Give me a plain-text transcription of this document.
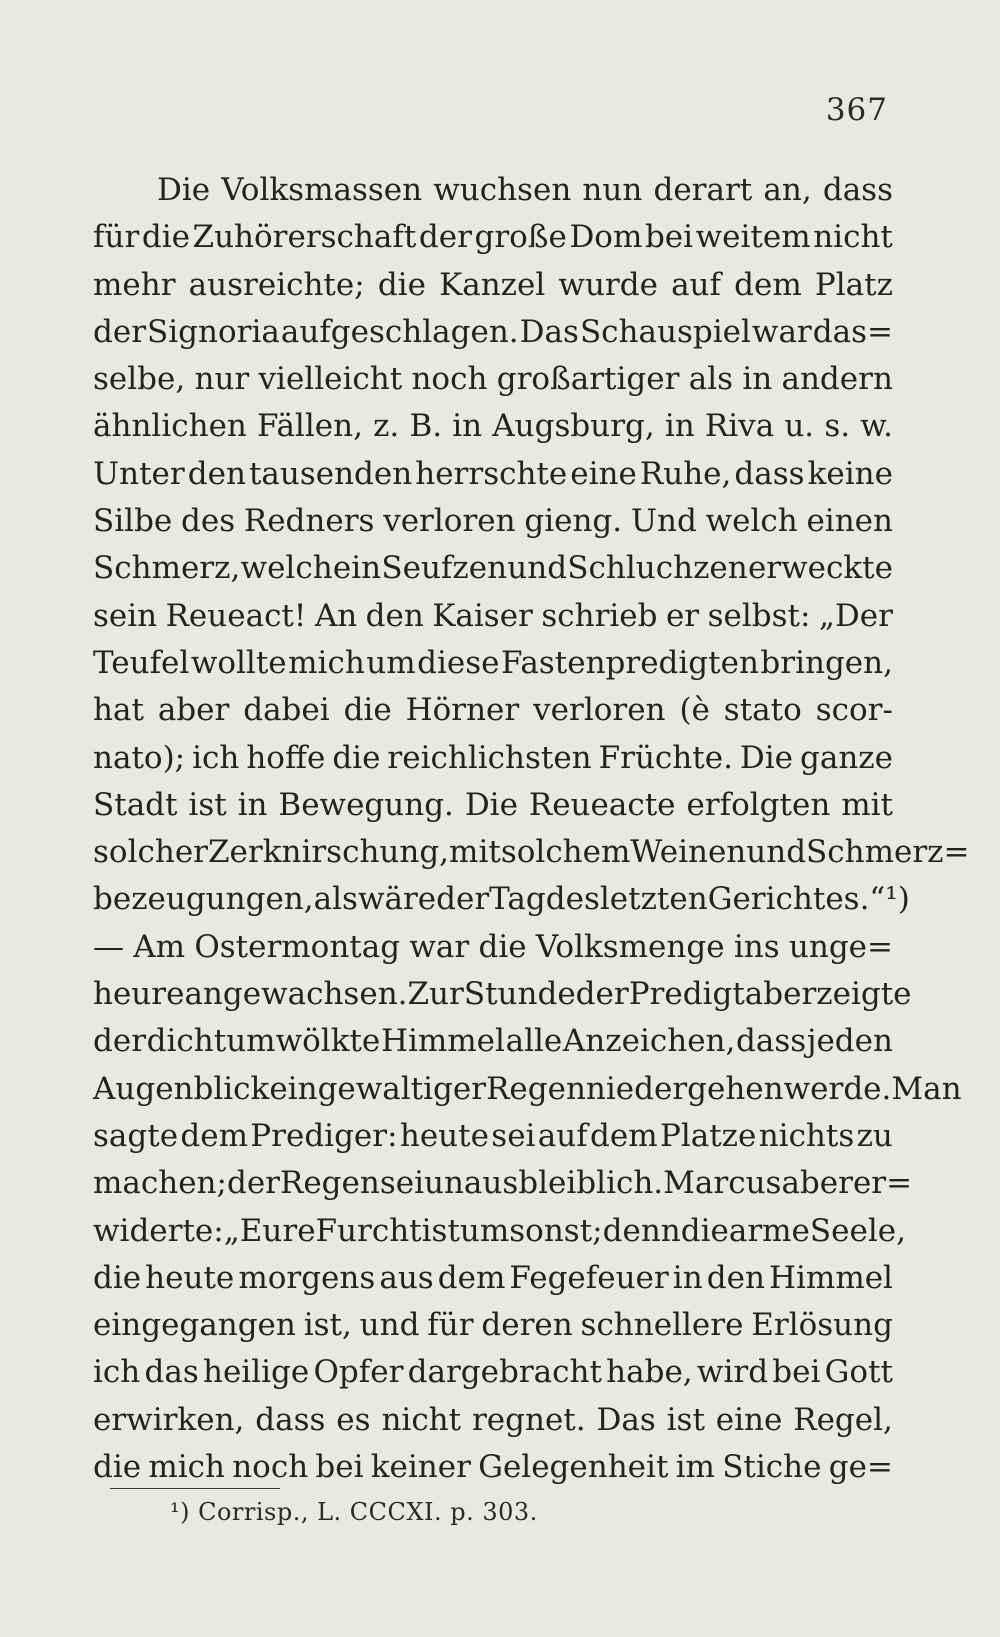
367
Die Volksmassen wuchsen nun derart an, dass
für die Zuhörerschaft der große Dom bei weitem nicht
mehr ausreichte; die Kanzel wurde auf dem Platz
der Signoria aufgeschlagen. Das Schauspiel war das=
selbe, nur vielleicht noch großartiger als in andern
ähnlichen Fällen, z. B. in Augsburg, in Riva u. s. w.
Unter den tausenden herrschte eine Ruhe, dass keine
Silbe des Redners verloren gieng. Und welch einen
Schmerz, welch ein Seufzen und Schluchzen erweckte
sein Reueact! An den Kaiser schrieb er selbst: „Der
Teufel wollte mich um diese Fastenpredigten bringen,
hat aber dabei die Hörner verloren (è stato scor-
nato); ich hoffe die reichlichsten Früchte. Die ganze
Stadt ist in Bewegung. Die Reueacte erfolgten mit
solcher Zerknirschung, mit solchem Weinen und Schmerz=
bezeugungen,als wäre der Tag des letzten Gerichtes.“ ¹)
— Am Ostermontag war die Volksmenge ins unge=
heure angewachsen. Zur Stunde der Predigt aber zeigte
der dichtumwölkte Himmel alle Anzeichen, dass jeden
Augenblick ein gewaltiger Regen niedergehen werde. Man
sagte dem Prediger: heute sei auf dem Platze nichts zu
machen; der Regen sei unausbleiblich. Marcus aber er=
widerte: „Eure Furcht ist umsonst; denn die arme Seele,
die heute morgens aus dem Fegefeuer in den Himmel
eingegangen ist, und für deren schnellere Erlösung
ich das heilige Opfer dargebracht habe, wird bei Gott
erwirken, dass es nicht regnet. Das ist eine Regel,
die mich noch bei keiner Gelegenheit im Stiche ge=
¹) Corrisp., L. CCCXI. p. 303.
